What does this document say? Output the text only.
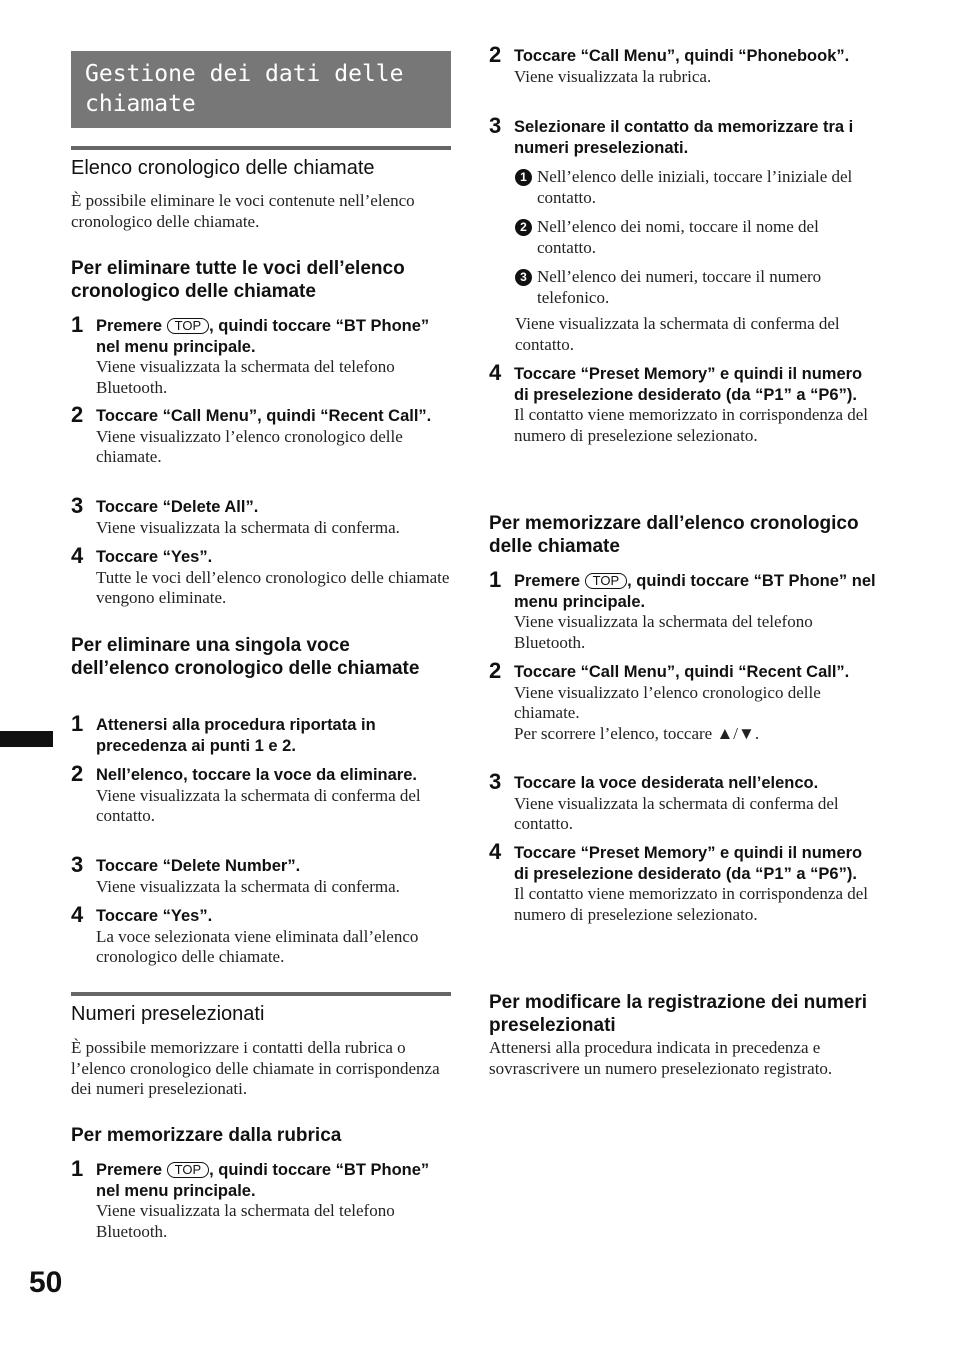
Gestione dei dati delle
chiamate
Elenco cronologico delle chiamate

È possibile eliminare le voci contenute nell’elenco cronologico delle chiamate.

Per eliminare tutte le voci dell’elenco cronologico delle chiamate
1 Premere TOP , quindi toccare “BT Phone” nel menu principale.
Viene visualizzata la schermata del telefono Bluetooth.
2 Toccare “Call Menu”, quindi “Recent Call”.
Viene visualizzato l’elenco cronologico delle chiamate.
3 Toccare “Delete All”.
Viene visualizzata la schermata di conferma.
4 Toccare “Yes”.
Tutte le voci dell’elenco cronologico delle chiamate vengono eliminate.
Per eliminare una singola voce dell’elenco cronologico delle chiamate
1 Attenersi alla procedura riportata in precedenza ai punti 1 e 2.
2 Nell’elenco, toccare la voce da eliminare.
Viene visualizzata la schermata di conferma del contatto.
3 Toccare “Delete Number”.
Viene visualizzata la schermata di conferma.
4 Toccare “Yes”.
La voce selezionata viene eliminata dall’elenco cronologico delle chiamate.
Numeri preselezionati

È possibile memorizzare i contatti della rubrica o l’elenco cronologico delle chiamate in corrispondenza dei numeri preselezionati.

Per memorizzare dalla rubrica
1 Premere TOP , quindi toccare “BT Phone” nel menu principale.
Viene visualizzata la schermata del telefono Bluetooth.
2 Toccare “Call Menu”, quindi “Phonebook”.
Viene visualizzata la rubrica.
3 Selezionare il contatto da memorizzare tra i numeri preselezionati.
1 Nell’elenco delle iniziali, toccare l’iniziale del contatto.
2 Nell’elenco dei nomi, toccare il nome del contatto.
3 Nell’elenco dei numeri, toccare il numero telefonico.

Viene visualizzata la schermata di conferma del contatto.

4 Toccare “Preset Memory” e quindi il numero di preselezione desiderato (da “P1” a “P6”).
Il contatto viene memorizzato in corrispondenza del numero di preselezione selezionato.
Per memorizzare dall’elenco cronologico delle chiamate
1 Premere TOP , quindi toccare “BT Phone” nel menu principale.
Viene visualizzata la schermata del telefono Bluetooth.
2 Toccare “Call Menu”, quindi “Recent Call”.
Viene visualizzato l’elenco cronologico delle chiamate.
Per scorrere l’elenco, toccare ▲/▼.
3 Toccare la voce desiderata nell’elenco.
Viene visualizzata la schermata di conferma del contatto.
4 Toccare “Preset Memory” e quindi il numero di preselezione desiderato (da “P1” a “P6”).
Il contatto viene memorizzato in corrispondenza del numero di preselezione selezionato.
Per modificare la registrazione dei numeri preselezionati

Attenersi alla procedura indicata in precedenza e sovrascrivere un numero preselezionato registrato.

50
